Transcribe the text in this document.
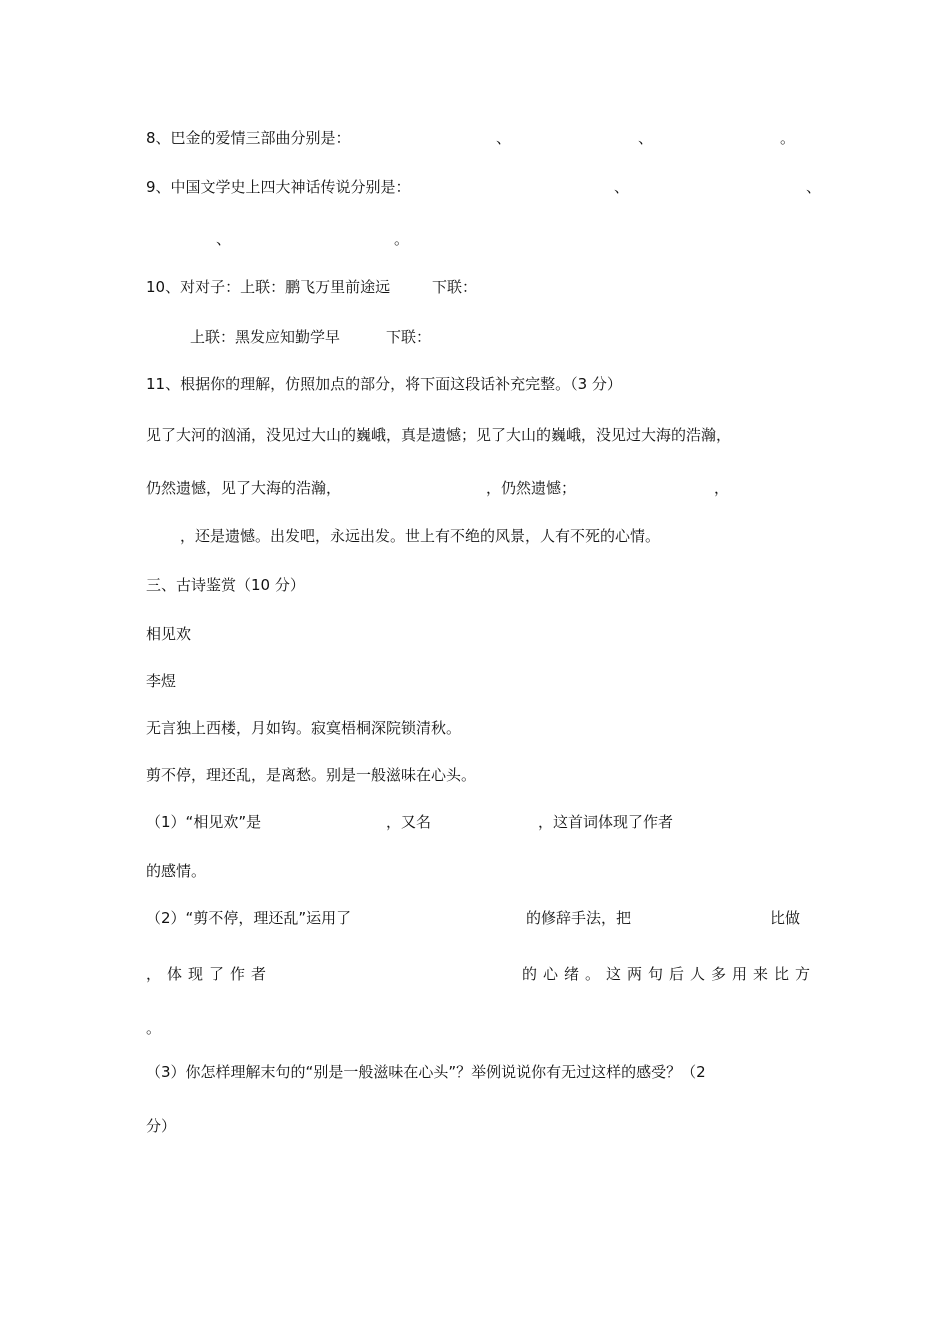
8、巴金的爱情三部曲分别是：	、	、	。
9、中国文学史上四大神话传说分别是：	、	、
、	。
10、对对子：上联：鹏飞万里前途远	下联：
上联：黑发应知勤学早	下联：
11、根据你的理解，仿照加点的部分，将下面这段话补充完整。（3 分）
见了大河的汹涌，没见过大山的巍峨，真是遗憾；见了大山的巍峨，没见过大海的浩瀚，
仍然遗憾，见了大海的浩瀚，	，仍然遗憾；	，
，还是遗憾。出发吧，永远出发。世上有不绝的风景，人有不死的心情。
三、古诗鉴赏（10 分）
相见欢
李煜
无言独上西楼，月如钩。寂寞梧桐深院锁清秋。
剪不停，理还乱，是离愁。别是一般滋味在心头。
（1）“相见欢”是	，又名	，这首词体现了作者
的感情。
（2）“剪不停，理还乱”运用了	的修辞手法，把	比做
，体现了作者	的心绪。这两句后人多用来比方
。
（3）你怎样理解末句的“别是一般滋味在心头”？举例说说你有无过这样的感受？（2
分）
